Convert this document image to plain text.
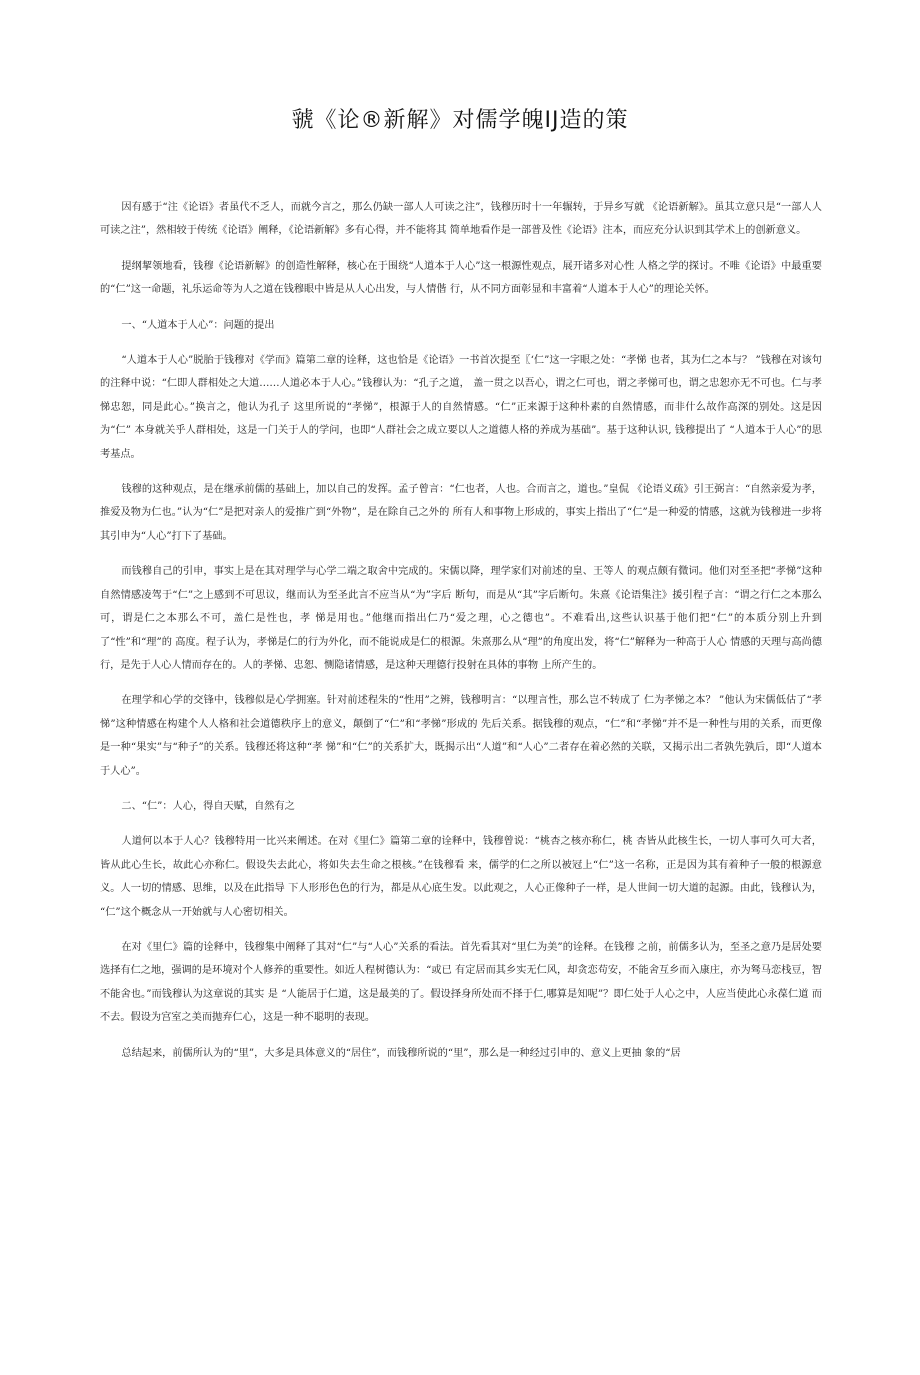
虢《论®新解》对儒学魄IJ造的策

因有感于“注《论语》者虽代不乏人，而就今言之，那么仍缺一部人人可读之注”，钱穆历时十一年辗转，于异乡写就 《论语新解》。虽其立意只是“一部人人可读之注”，然相较于传统《论语》阐释，《论语新解》多有心得，并不能将其 简单地看作是一部普及性《论语》注本，而应充分认识到其学术上的创新意义。

提纲挈领地看，钱穆《论语新解》的创造性解释，核心在于围绕“人道本于人心”这一根源性观点，展开诸多对心性 人格之学的探讨。不唯《论语》中最重要的“仁”这一命题，礼乐运命等为人之道在钱穆眼中皆是从人心出发，与人情偕 行，从不同方面彰显和丰富着“人道本于人心”的理论关怀。

一、“人道本于人心”：问题的提出

“人道本于人心”脱胎于钱穆对《学而》篇第二章的诠释，这也恰是《论语》一书首次提至〖‘仁”这一字眼之处：“孝悌 也者，其为仁之本与？ ”钱穆在对该句的注释中说：“仁即人群相处之大道……人道必本于人心。”钱穆认为：“孔子之道， 盖一贯之以吾心，谓之仁可也，谓之孝悌可也，谓之忠恕亦无不可也。仁与孝悌忠恕，同是此心。”换言之，他认为孔子 这里所说的“孝悌”，根源于人的自然情感。“仁”正来源于这种朴素的自然情感，而非什么故作高深的别处。这是因为“仁” 本身就关乎人群相处，这是一门关于人的学问，也即“人群社会之成立要以人之道德人格的养成为基础”。基于这种认识, 钱穆提出了 “人道本于人心”的思考基点。

钱穆的这种观点，是在继承前儒的基础上，加以自己的发挥。孟子曾言：“仁也者，人也。合而言之，道也。”皇侃 《论语义疏》引王弼言：“自然亲爱为孝，推爱及物为仁也。”认为“仁”是把对亲人的爱推广到“外物”，是在除自己之外的 所有人和事物上形成的，事实上指出了“仁”是一种爱的情感，这就为钱穆进一步将其引申为“人心”打下了基础。

而钱穆自己的引申，事实上是在其对理学与心学二端之取舍中完成的。宋儒以降，理学家们对前述的皇、王等人 的观点颇有微词。他们对至圣把“孝悌”这种自然情感凌驾于“仁”之上感到不可思议，继而认为至圣此言不应当从“为”字后 断句，而是从“其”字后断句。朱熹《论语集注》援引程子言：“谓之行仁之本那么可，谓是仁之本那么不可，盖仁是性也，孝 悌是用也。”他继而指出仁乃“爱之理，心之德也”。不难看出,这些认识基于他们把“仁”的本质分别上升到了“性”和“理”的 高度。程子认为，孝悌是仁的行为外化，而不能说成是仁的根源。朱熹那么从“理”的角度出发，将“仁”解释为一种高于人心 情感的天理与高尚德行，是先于人心人情而存在的。人的孝悌、忠恕、恻隐诸情感，是这种天理德行投射在具体的事物 上所产生的。

在理学和心学的交锋中，钱穆似是心学拥塞。针对前述程朱的“性用”之辨，钱穆明言：“以理言性，那么岂不转成了 仁为孝悌之本？ ”他认为宋儒低估了“孝悌”这种情感在构建个人人格和社会道德秩序上的意义，颠倒了“仁”和“孝悌”形成的 先后关系。据钱穆的观点，“仁”和“孝悌”并不是一种性与用的关系，而更像是一种“果实”与“种子”的关系。钱穆还将这种“孝 悌”和“仁”的关系扩大，既揭示出“人道”和“人心”二者存在着必然的关联，又揭示出二者孰先孰后，即“人道本于人心”。

二、“仁”：人心，得自天赋，自然有之

人道何以本于人心？钱穆特用一比兴来阐述。在对《里仁》篇第二章的诠释中，钱穆曾说：“桃杏之核亦称仁，桃 杏皆从此核生长，一切人事可久可大者，皆从此心生长，故此心亦称仁。假设失去此心，将如失去生命之根核。”在钱穆看 来，儒学的仁之所以被冠上“仁”这一名称，正是因为其有着种子一般的根源意义。人一切的情感、思维，以及在此指导 下人形形色色的行为，都是从心底生发。以此观之，人心正像种子一样，是人世间一切大道的起源。由此，钱穆认为， “仁”这个概念从一开始就与人心密切相关。

在对《里仁》篇的诠释中，钱穆集中阐释了其对“仁”与“人心”关系的看法。首先看其对“里仁为美”的诠释。在钱穆 之前，前儒多认为，至圣之意乃是居处要选择有仁之地，强调的是环境对个人修养的重要性。如近人程树德认为：“或已 有定居而其乡实无仁风，却贪恋苟安，不能舍互乡而入康庄，亦为驽马恋栈豆，智不能舍也。”而钱穆认为这章说的其实 是 “人能居于仁道，这是最美的了。假设择身所处而不择于仁,哪算是知呢”？即仁处于人心之中，人应当使此心永葆仁道 而不去。假设为宫室之美而抛弃仁心，这是一种不聪明的表现。

总结起来，前儒所认为的“里”，大多是具体意义的“居住”，而钱穆所说的“里”，那么是一种经过引申的、意义上更抽 象的“居
